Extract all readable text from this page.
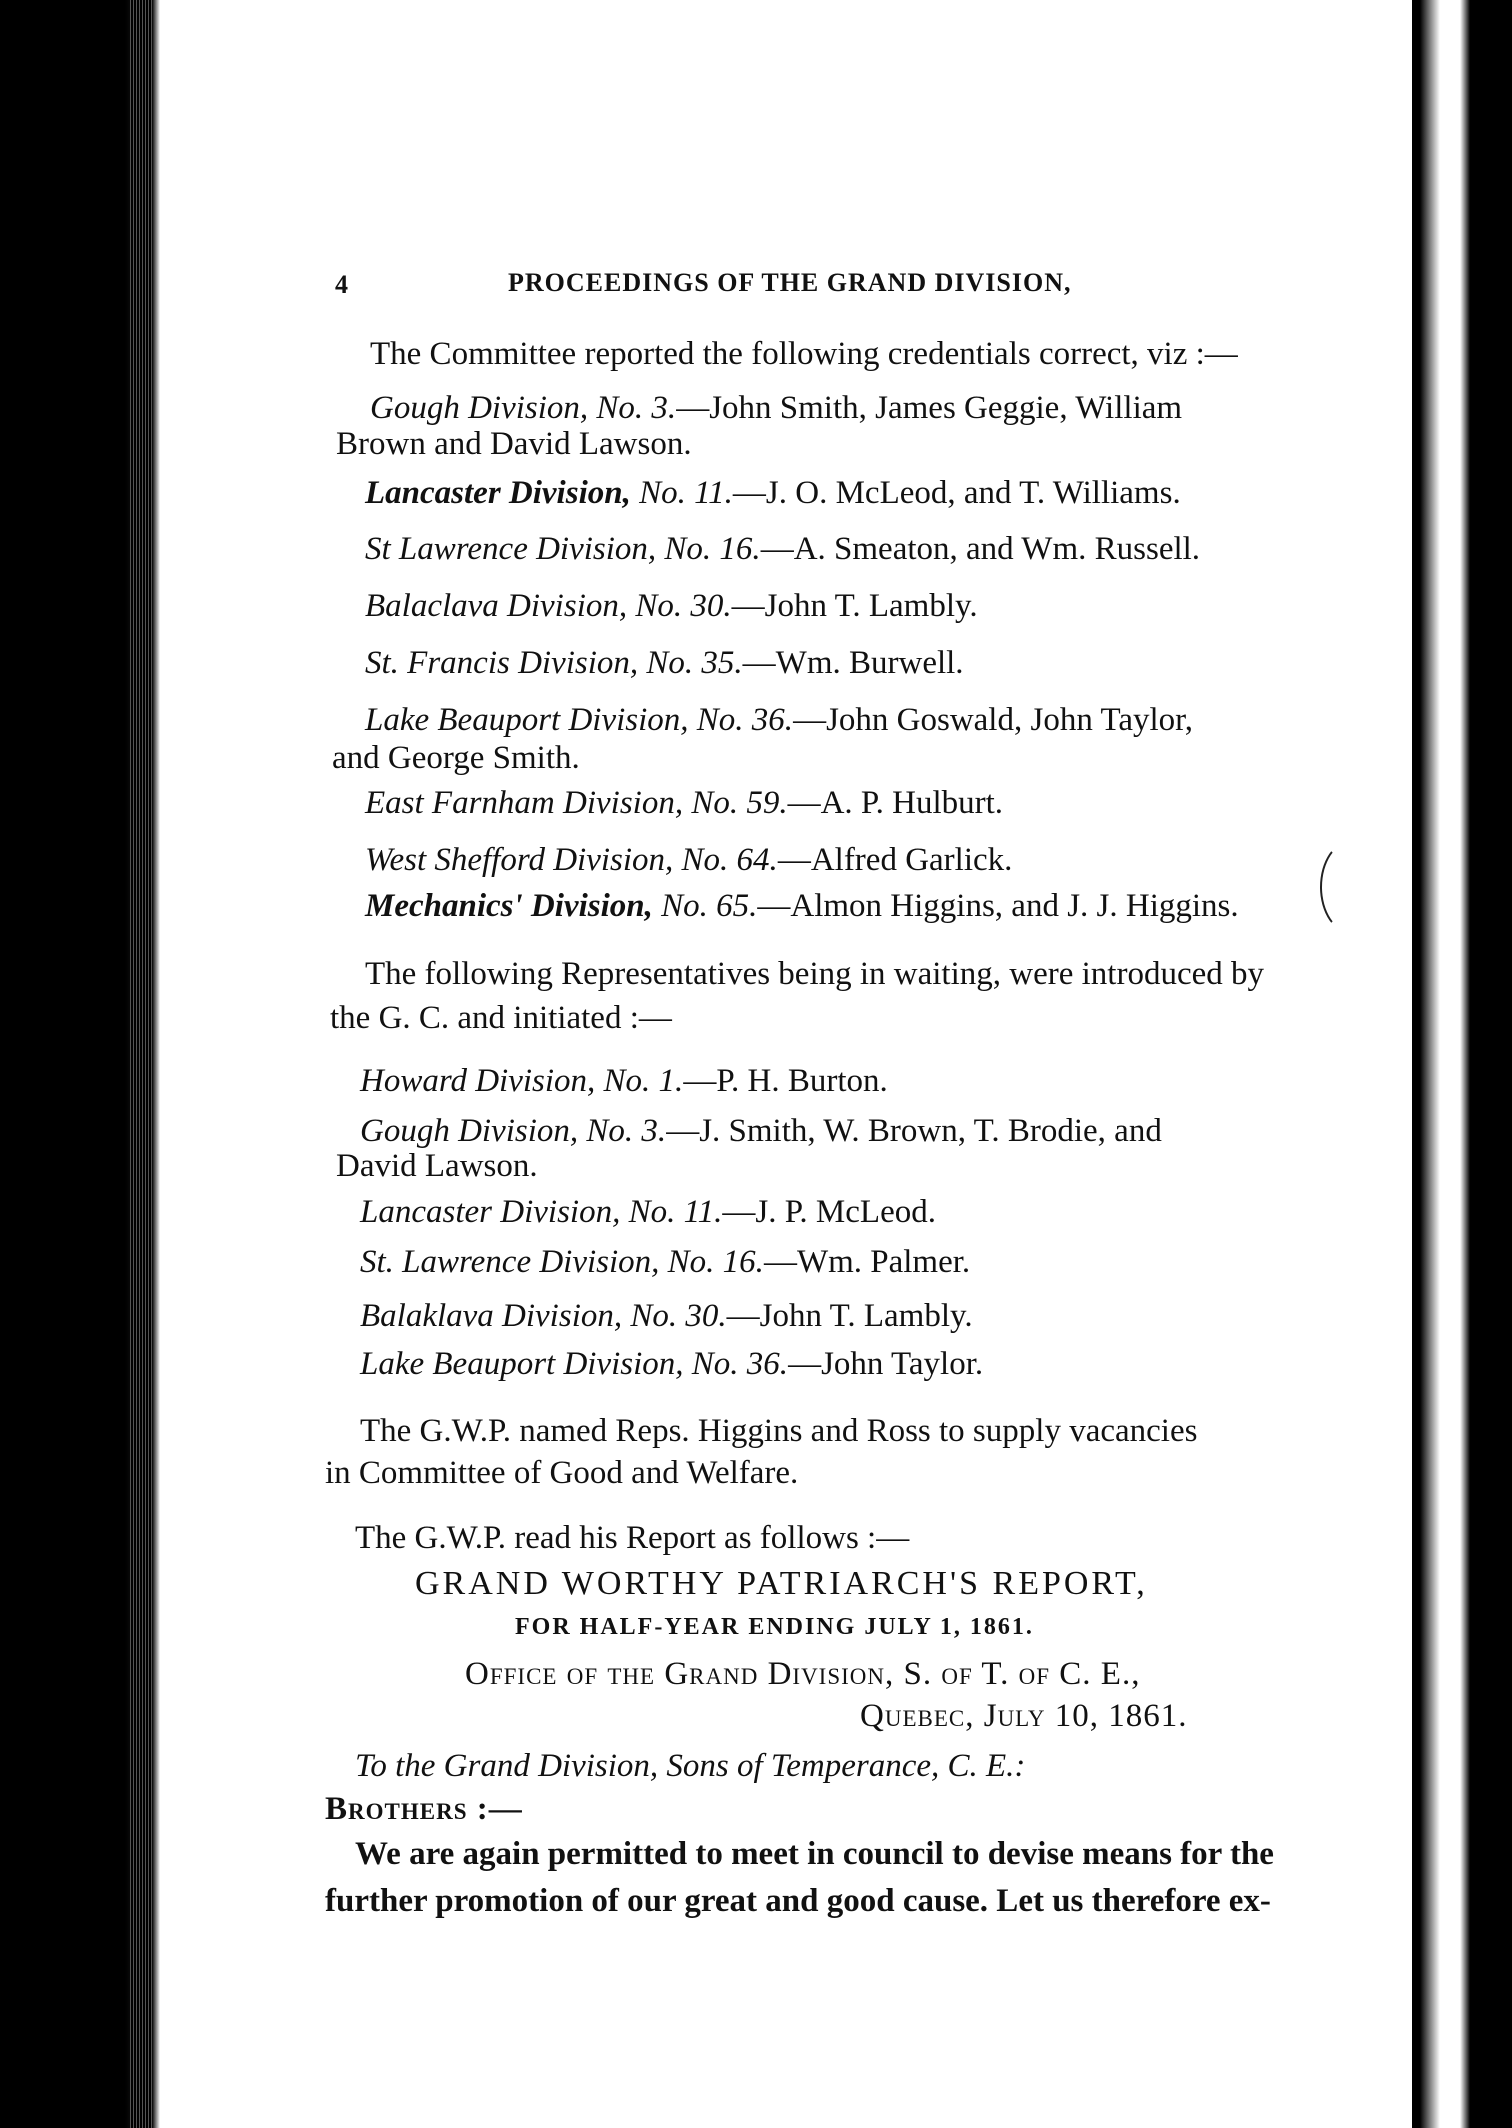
4	PROCEEDINGS OF THE GRAND DIVISION,
The Committee reported the following credentials correct, viz :—
Gough Division, No. 3.—John Smith, James Geggie, William
Brown and David Lawson.
Lancaster Division, No. 11.—J. O. McLeod, and T. Williams.
St Lawrence Division, No. 16.—A. Smeaton, and Wm. Russell.
Balaclava Division, No. 30.—John T. Lambly.
St. Francis Division, No. 35.—Wm. Burwell.
Lake Beauport Division, No. 36.—John Goswald, John Taylor,
and George Smith.
East Farnham Division, No. 59.—A. P. Hulburt.
West Shefford Division, No. 64.—Alfred Garlick.
Mechanics' Division, No. 65.—Almon Higgins, and J. J. Higgins.
The following Representatives being in waiting, were introduced by
the G. C. and initiated :—
Howard Division, No. 1.—P. H. Burton.
Gough Division, No. 3.—J. Smith, W. Brown, T. Brodie, and
David Lawson.
Lancaster Division, No. 11.—J. P. McLeod.
St. Lawrence Division, No. 16.—Wm. Palmer.
Balaklava Division, No. 30.—John T. Lambly.
Lake Beauport Division, No. 36.—John Taylor.
The G.W.P. named Reps. Higgins and Ross to supply vacancies
in Committee of Good and Welfare.
The G.W.P. read his Report as follows :—
GRAND WORTHY PATRIARCH'S REPORT,
FOR HALF-YEAR ENDING JULY 1, 1861.
Office of the Grand Division, S. of T. of C. E.,
Quebec, July 10, 1861.
To the Grand Division, Sons of Temperance, C. E.:
Brothers :—
We are again permitted to meet in council to devise means for the
further promotion of our great and good cause. Let us therefore ex-
